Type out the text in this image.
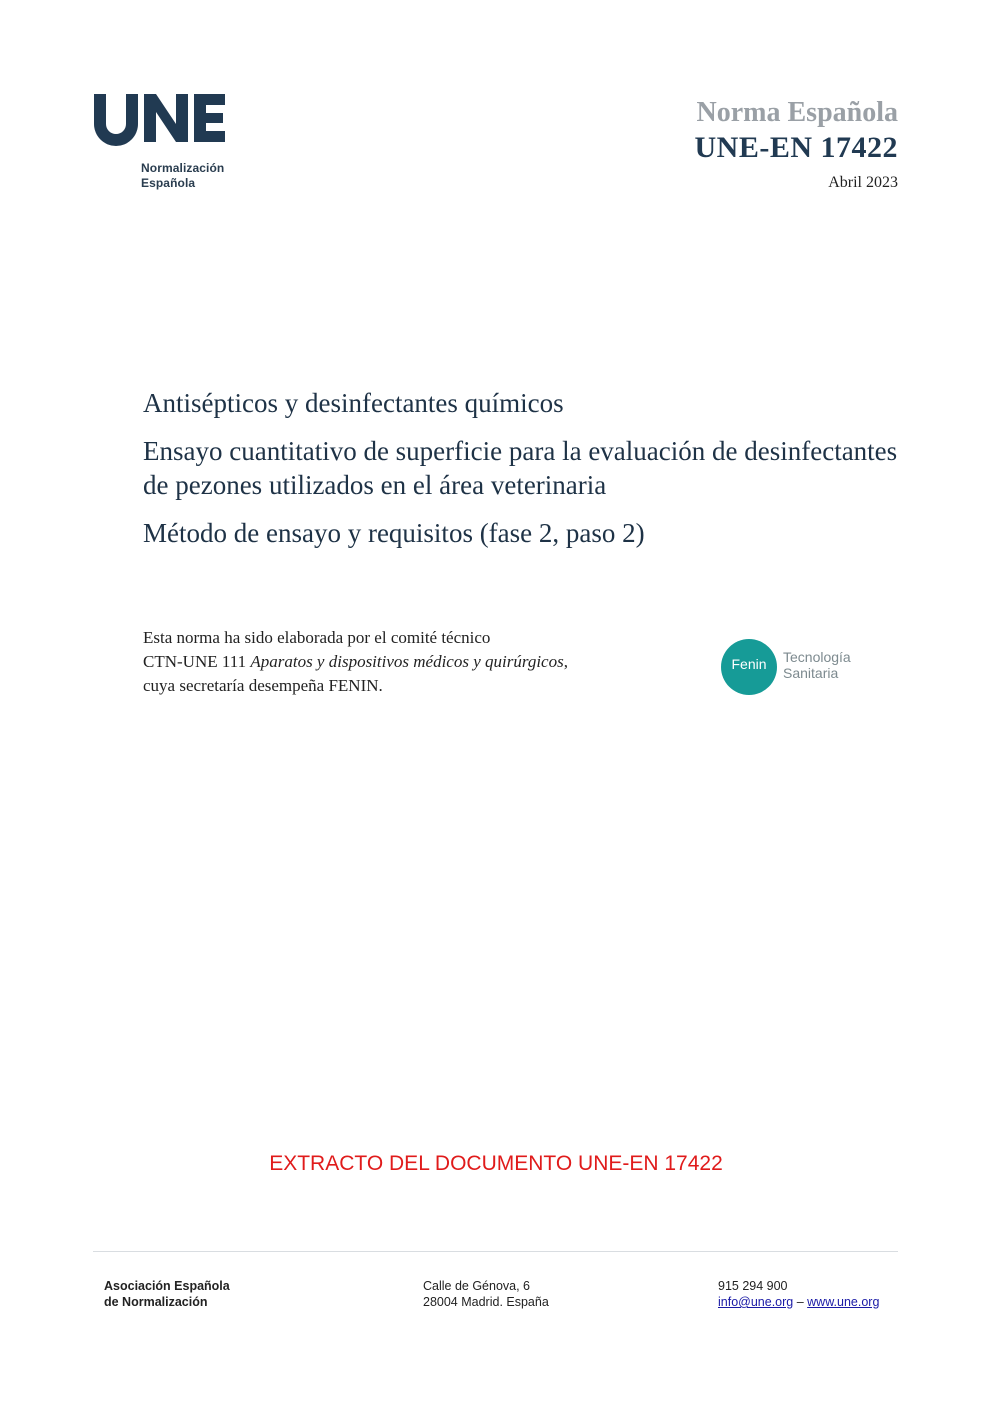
Normalización
Española
Norma Española
UNE-EN 17422
Abril 2023
Antisépticos y desinfectantes químicos
Ensayo cuantitativo de superficie para la evaluación de desinfectantes de pezones utilizados en el área veterinaria
Método de ensayo y requisitos (fase 2, paso 2)
Esta norma ha sido elaborada por el comité técnico
CTN-UNE 111 Aparatos y dispositivos médicos y quirúrgicos,
cuya secretaría desempeña FENIN.
Fenin	Tecnología
Sanitaria
EXTRACTO DEL DOCUMENTO UNE-EN 17422
Asociación Española
de Normalización
Calle de Génova, 6
28004 Madrid. España
915 294 900
info@une.org – www.une.org
